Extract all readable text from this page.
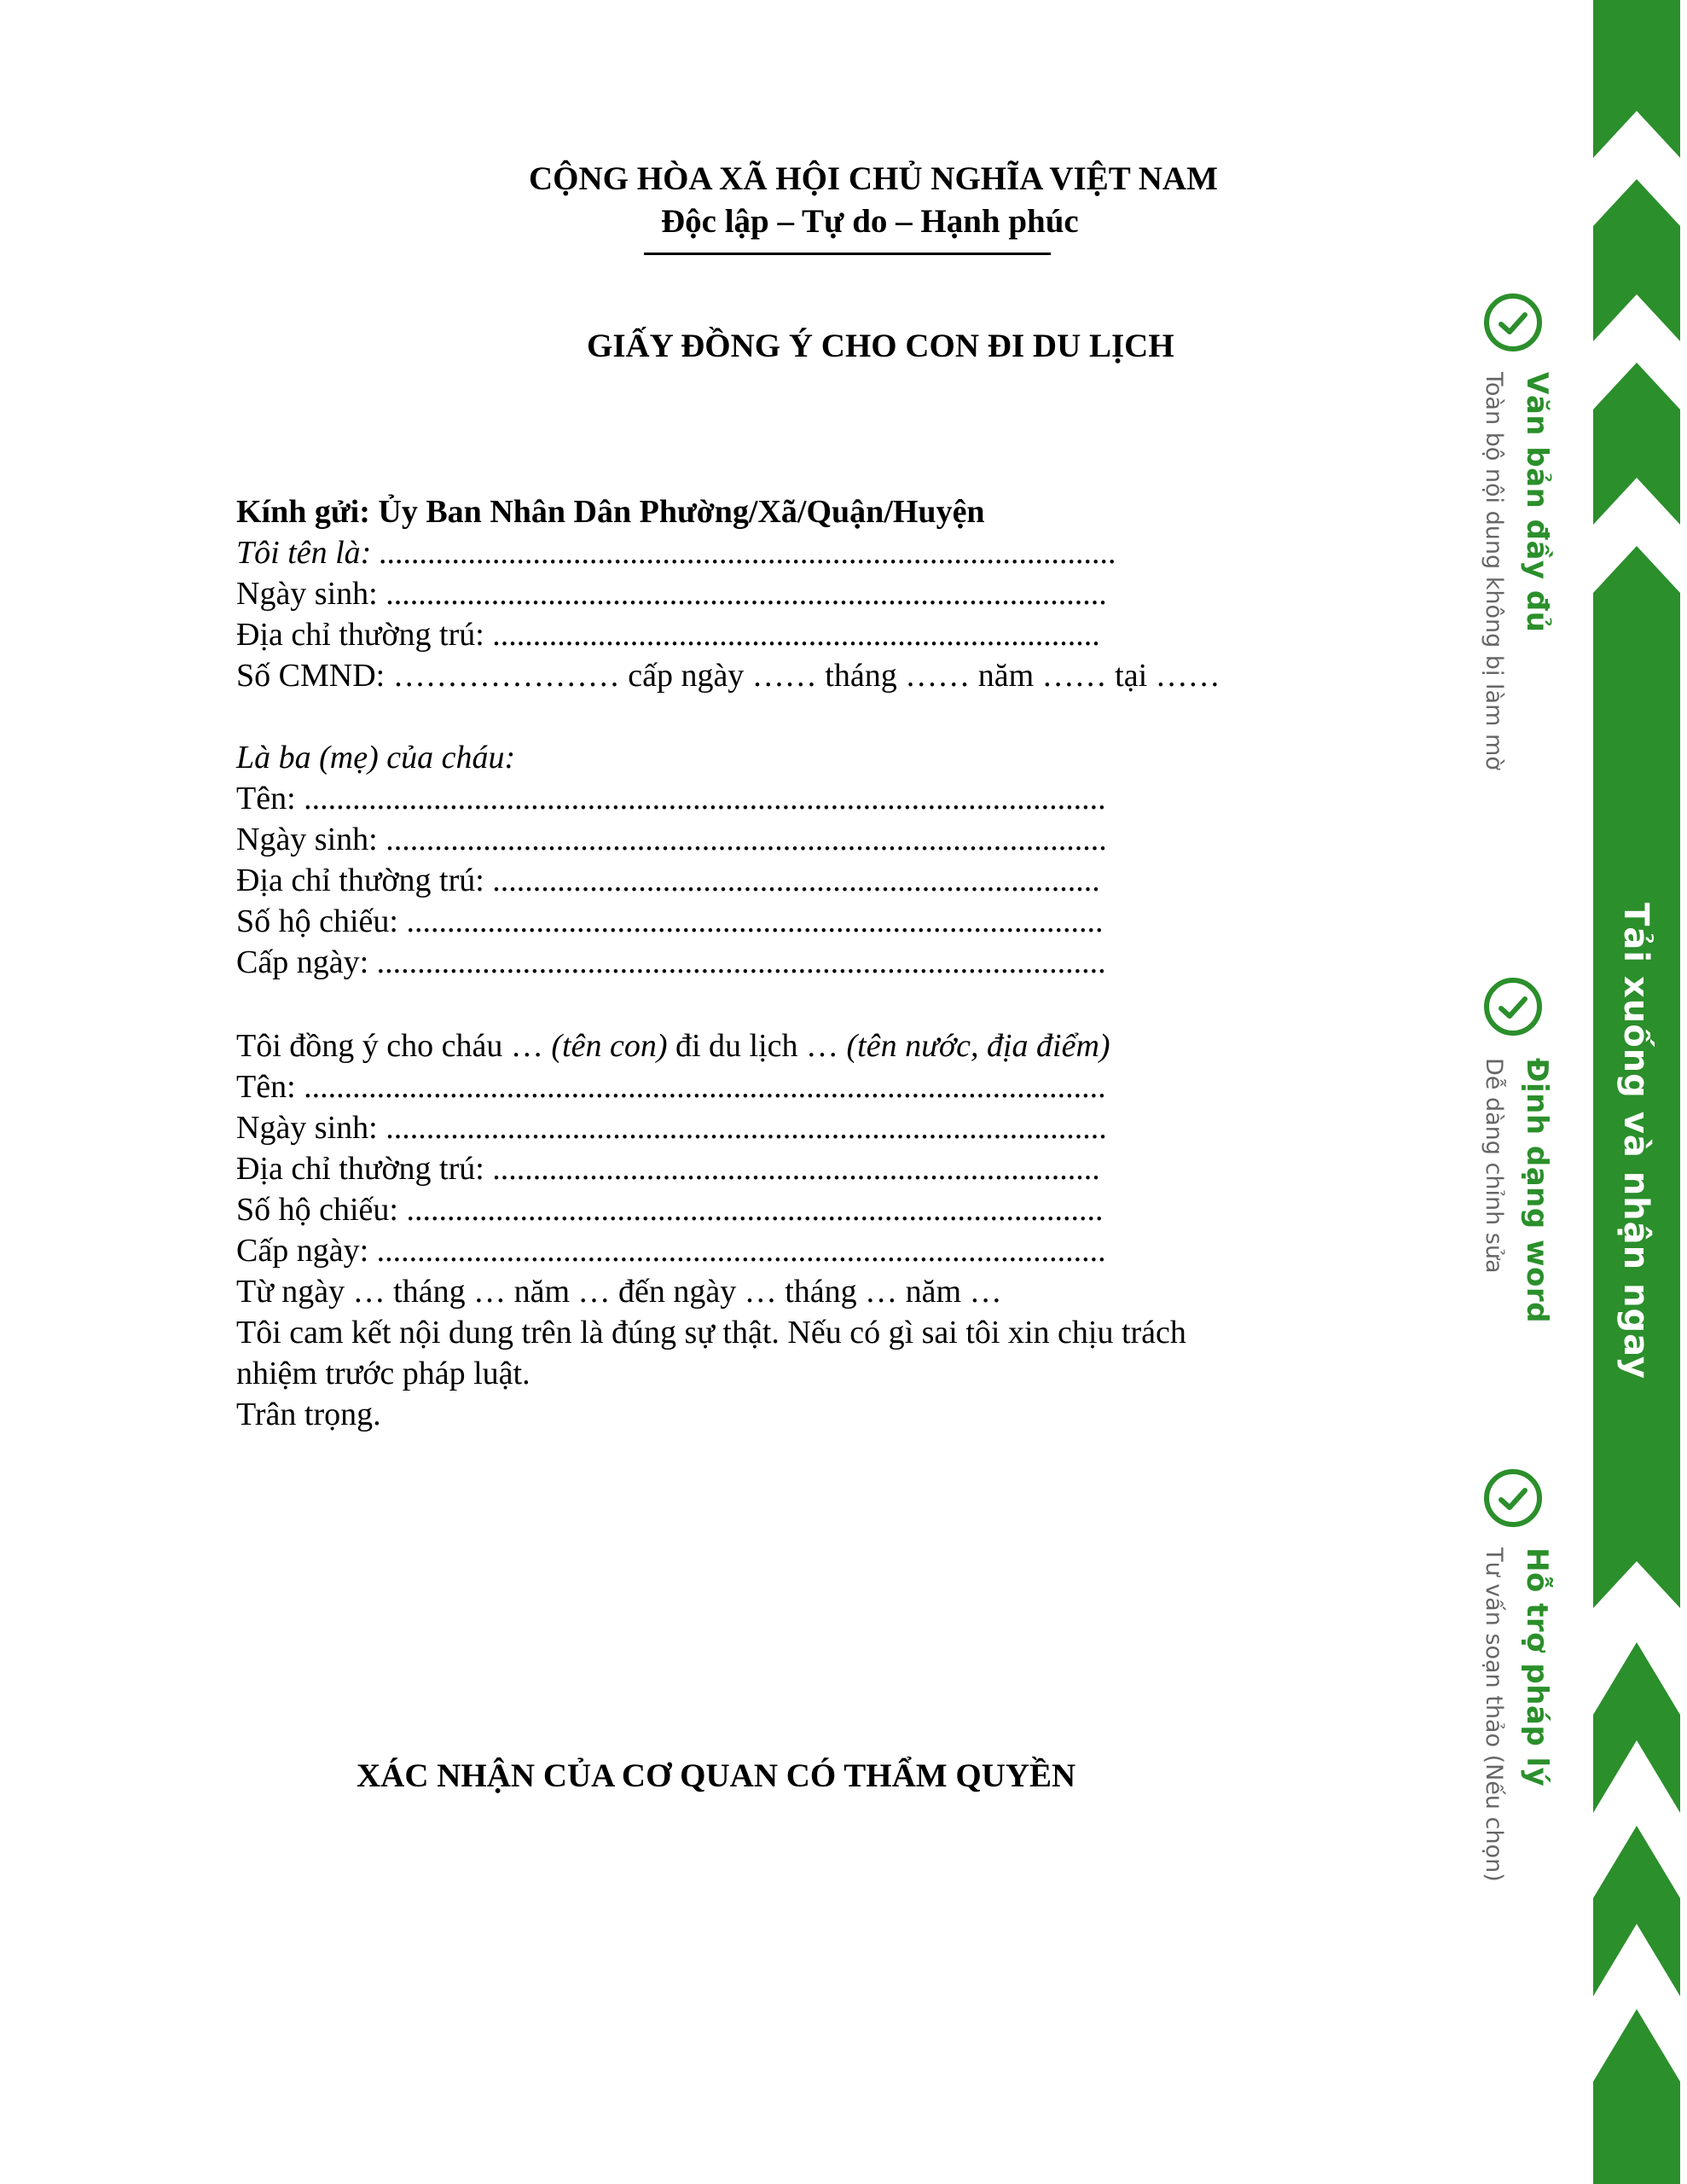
CỘNG HÒA XÃ HỘI CHỦ NGHĨA VIỆT NAM
Độc lập – Tự do – Hạnh phúc
GIẤY ĐỒNG Ý CHO CON ĐI DU LỊCH
Kính gửi: Ủy Ban Nhân Dân Phường/Xã/Quận/Huyện
Tôi tên là: ...........................................................................................
Ngày sinh: .........................................................................................
Địa chỉ thường trú: ...........................................................................
Số CMND: ………………… cấp ngày …… tháng …… năm …… tại ……
Là ba (mẹ) của cháu:
Tên: ...................................................................................................
Ngày sinh: .........................................................................................
Địa chỉ thường trú: ...........................................................................
Số hộ chiếu: ......................................................................................
Cấp ngày: ..........................................................................................
Tôi đồng ý cho cháu … (tên con) đi du lịch … (tên nước, địa điểm)
Tên: ...................................................................................................
Ngày sinh: .........................................................................................
Địa chỉ thường trú: ...........................................................................
Số hộ chiếu: ......................................................................................
Cấp ngày: ..........................................................................................
Từ ngày … tháng … năm … đến ngày … tháng … năm …
Tôi cam kết nội dung trên là đúng sự thật. Nếu có gì sai tôi xin chịu trách
nhiệm trước pháp luật.
Trân trọng.
XÁC NHẬN CỦA CƠ QUAN CÓ THẨM QUYỀN
Tải xuống và nhận ngay
Văn bản đầy đủ
Toàn bộ nội dung không bị làm mờ
Định dạng word
Dễ dàng chỉnh sửa
Hỗ trợ pháp lý
Tư vấn soạn thảo (Nếu chọn)
